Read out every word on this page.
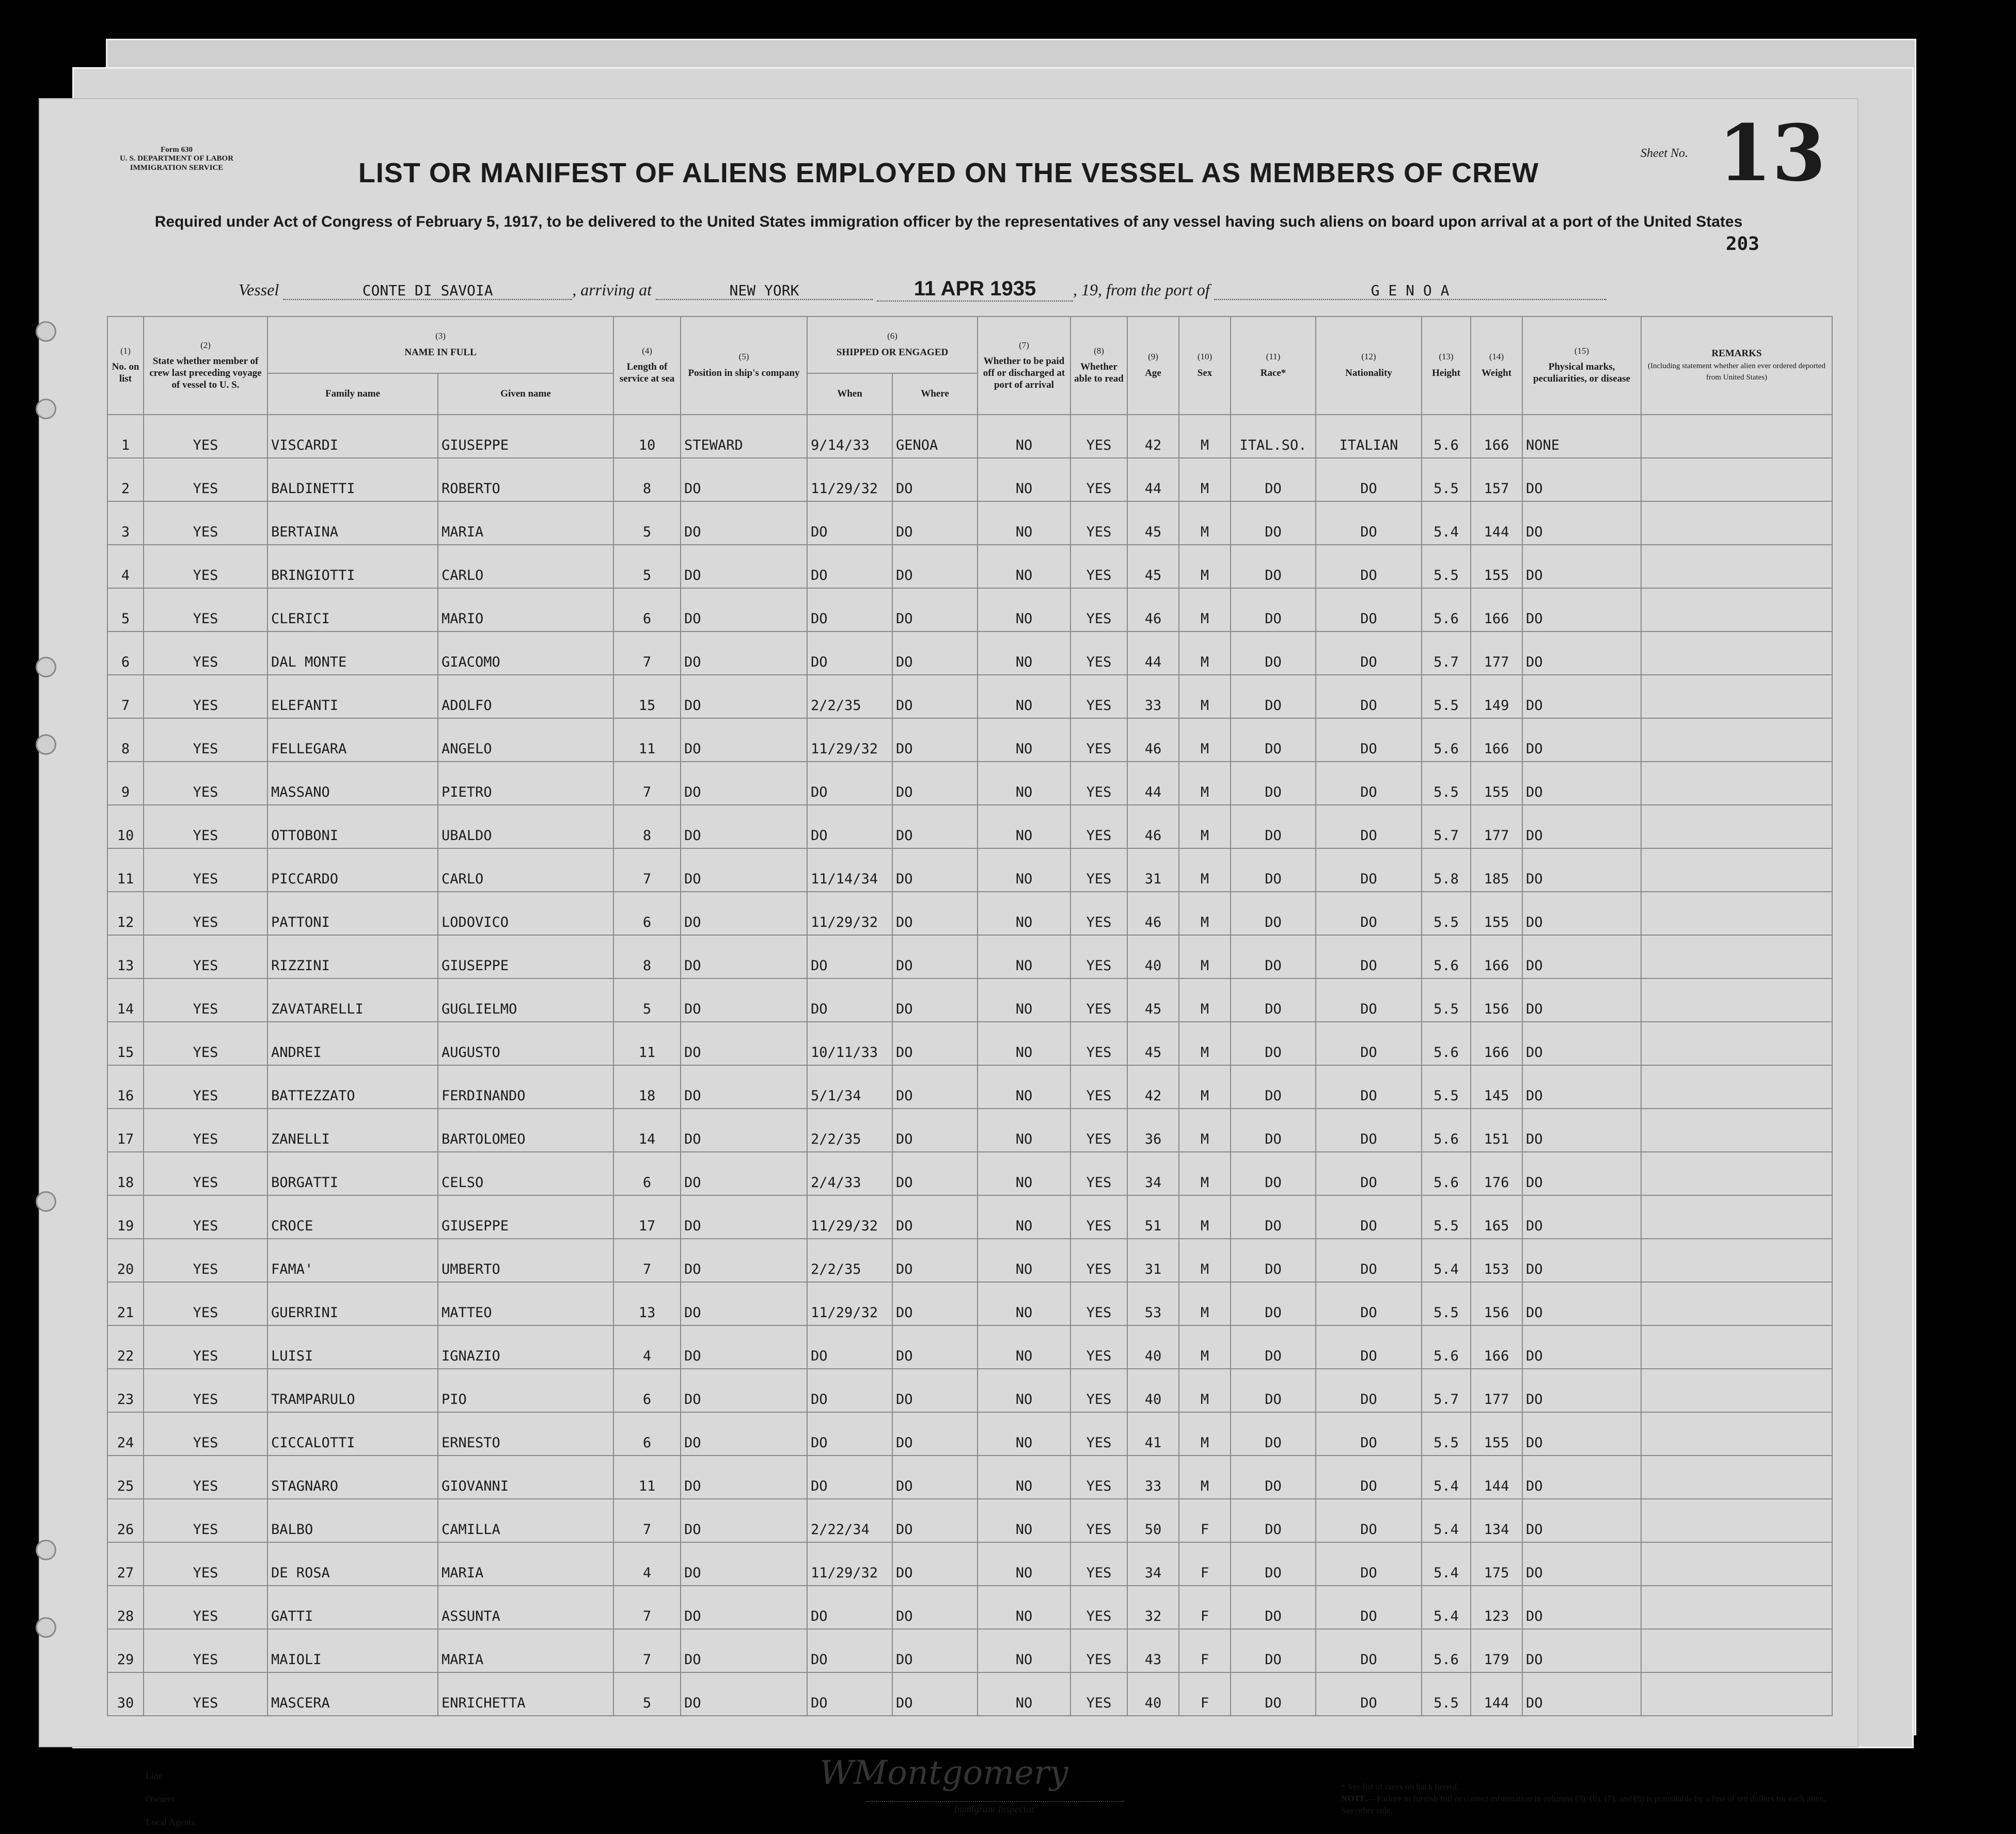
Form 630
U. S. DEPARTMENT OF LABOR
IMMIGRATION SERVICE
Sheet No. 13
203
LIST OR MANIFEST OF ALIENS EMPLOYED ON THE VESSEL AS MEMBERS OF CREW
Required under Act of Congress of February 5, 1917, to be delivered to the United States immigration officer by the representatives of any vessel having such aliens on board upon arrival at a port of the United States
Vessel	CONTE DI SAVOIA	, arriving at	NEW YORK	11 APR 1935 , 19, from the port of	G E N O A
(1)
No. on list	(2)
State whether member of crew last preceding voyage of vessel to U. S.	(3)
NAME IN FULL		(4)
Length of service at sea	(5)
Position in ship's company	(6)
SHIPPED OR ENGAGED		(7)
Whether to be paid off or discharged at port of arrival	(8)
Whether able to read	(9)
Age	(10)
Sex	(11)
Race*	(12)
Nationality	(13)
Height	(14)
Weight	(15)
Physical marks, peculiarities, or disease	REMARKS
(Including statement whether alien ever ordered deported from United States)
		Family name	Given name			When	Where										
1	YES	VISCARDI	GIUSEPPE	10	STEWARD	9/14/33	GENOA	NO	YES	42	M	ITAL.SO.	ITALIAN	5.6	166	NONE	
2	YES	BALDINETTI	ROBERTO	8	DO	11/29/32	DO	NO	YES	44	M	DO	DO	5.5	157	DO	
3	YES	BERTAINA	MARIA	5	DO	DO	DO	NO	YES	45	M	DO	DO	5.4	144	DO	
4	YES	BRINGIOTTI	CARLO	5	DO	DO	DO	NO	YES	45	M	DO	DO	5.5	155	DO	
5	YES	CLERICI	MARIO	6	DO	DO	DO	NO	YES	46	M	DO	DO	5.6	166	DO	
6	YES	DAL MONTE	GIACOMO	7	DO	DO	DO	NO	YES	44	M	DO	DO	5.7	177	DO	
7	YES	ELEFANTI	ADOLFO	15	DO	2/2/35	DO	NO	YES	33	M	DO	DO	5.5	149	DO	
8	YES	FELLEGARA	ANGELO	11	DO	11/29/32	DO	NO	YES	46	M	DO	DO	5.6	166	DO	
9	YES	MASSANO	PIETRO	7	DO	DO	DO	NO	YES	44	M	DO	DO	5.5	155	DO	
10	YES	OTTOBONI	UBALDO	8	DO	DO	DO	NO	YES	46	M	DO	DO	5.7	177	DO	
11	YES	PICCARDO	CARLO	7	DO	11/14/34	DO	NO	YES	31	M	DO	DO	5.8	185	DO	
12	YES	PATTONI	LODOVICO	6	DO	11/29/32	DO	NO	YES	46	M	DO	DO	5.5	155	DO	
13	YES	RIZZINI	GIUSEPPE	8	DO	DO	DO	NO	YES	40	M	DO	DO	5.6	166	DO	
14	YES	ZAVATARELLI	GUGLIELMO	5	DO	DO	DO	NO	YES	45	M	DO	DO	5.5	156	DO	
15	YES	ANDREI	AUGUSTO	11	DO	10/11/33	DO	NO	YES	45	M	DO	DO	5.6	166	DO	
16	YES	BATTEZZATO	FERDINANDO	18	DO	5/1/34	DO	NO	YES	42	M	DO	DO	5.5	145	DO	
17	YES	ZANELLI	BARTOLOMEO	14	DO	2/2/35	DO	NO	YES	36	M	DO	DO	5.6	151	DO	
18	YES	BORGATTI	CELSO	6	DO	2/4/33	DO	NO	YES	34	M	DO	DO	5.6	176	DO	
19	YES	CROCE	GIUSEPPE	17	DO	11/29/32	DO	NO	YES	51	M	DO	DO	5.5	165	DO	
20	YES	FAMA'	UMBERTO	7	DO	2/2/35	DO	NO	YES	31	M	DO	DO	5.4	153	DO	
21	YES	GUERRINI	MATTEO	13	DO	11/29/32	DO	NO	YES	53	M	DO	DO	5.5	156	DO	
22	YES	LUISI	IGNAZIO	4	DO	DO	DO	NO	YES	40	M	DO	DO	5.6	166	DO	
23	YES	TRAMPARULO	PIO	6	DO	DO	DO	NO	YES	40	M	DO	DO	5.7	177	DO	
24	YES	CICCALOTTI	ERNESTO	6	DO	DO	DO	NO	YES	41	M	DO	DO	5.5	155	DO	
25	YES	STAGNARO	GIOVANNI	11	DO	DO	DO	NO	YES	33	M	DO	DO	5.4	144	DO	
26	YES	BALBO	CAMILLA	7	DO	2/22/34	DO	NO	YES	50	F	DO	DO	5.4	134	DO	
27	YES	DE ROSA	MARIA	4	DO	11/29/32	DO	NO	YES	34	F	DO	DO	5.4	175	DO	
28	YES	GATTI	ASSUNTA	7	DO	DO	DO	NO	YES	32	F	DO	DO	5.4	123	DO	
29	YES	MAIOLI	MARIA	7	DO	DO	DO	NO	YES	43	F	DO	DO	5.6	179	DO	
30	YES	MASCERA	ENRICHETTA	5	DO	DO	DO	NO	YES	40	F	DO	DO	5.5	144	DO	
Line
Owners
Local Agents
WMontgomery
Immigrant Inspector.
* See list of races on back hereof.
NOTE.—Failure to furnish full or correct information in columns (3), (6), (7), and (8) is punishable by a fine of ten dollars for each alien. See other side.
